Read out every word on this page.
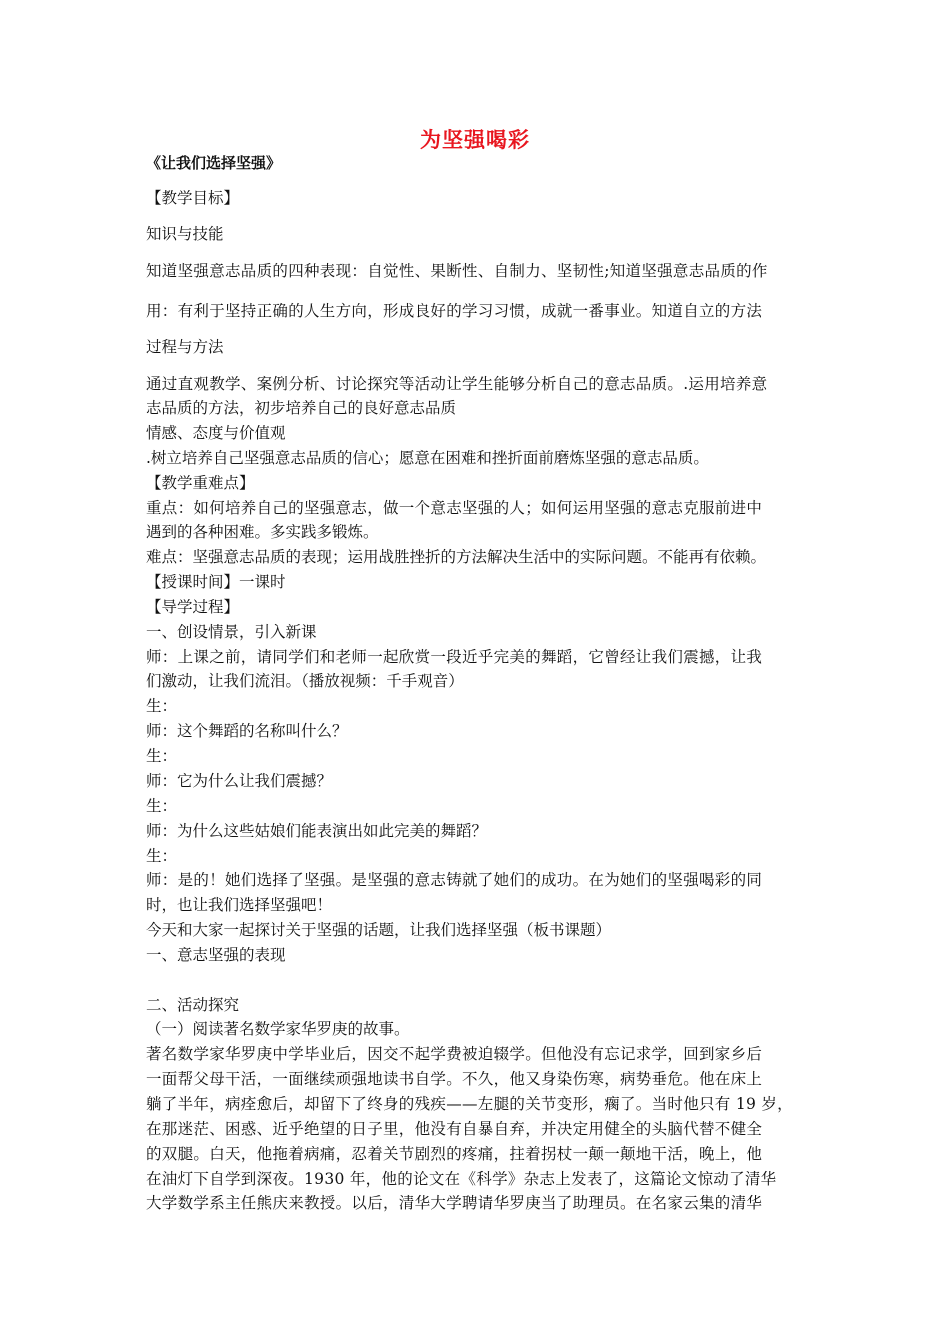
为坚强喝彩
《让我们选择坚强》
【教学目标】
知识与技能
知道坚强意志品质的四种表现：自觉性、果断性、自制力、坚韧性;知道坚强意志品质的作
用：有利于坚持正确的人生方向，形成良好的学习习惯，成就一番事业。知道自立的方法
过程与方法
通过直观教学、案例分析、讨论探究等活动让学生能够分析自己的意志品质。.运用培养意
志品质的方法，初步培养自己的良好意志品质
情感、态度与价值观
.树立培养自己坚强意志品质的信心；愿意在困难和挫折面前磨炼坚强的意志品质。
【教学重难点】
重点：如何培养自己的坚强意志，做一个意志坚强的人；如何运用坚强的意志克服前进中
遇到的各种困难。多实践多锻炼。
难点：坚强意志品质的表现；运用战胜挫折的方法解决生活中的实际问题。不能再有依赖。
【授课时间】一课时
【导学过程】
一、创设情景，引入新课
师：上课之前，请同学们和老师一起欣赏一段近乎完美的舞蹈，它曾经让我们震撼，让我
们激动，让我们流泪。（播放视频：千手观音）
生：
师：这个舞蹈的名称叫什么？
生：
师：它为什么让我们震撼？
生：
师：为什么这些姑娘们能表演出如此完美的舞蹈？
生：
师：是的！她们选择了坚强。是坚强的意志铸就了她们的成功。在为她们的坚强喝彩的同
时，也让我们选择坚强吧！
今天和大家一起探讨关于坚强的话题，让我们选择坚强（板书课题）
一、意志坚强的表现
二、活动探究
（一）阅读著名数学家华罗庚的故事。
著名数学家华罗庚中学毕业后，因交不起学费被迫辍学。但他没有忘记求学，回到家乡后
一面帮父母干活，一面继续顽强地读书自学。不久，他又身染伤寒，病势垂危。他在床上
躺了半年，病痊愈后，却留下了终身的残疾——左腿的关节变形，瘸了。当时他只有 19 岁，
在那迷茫、困惑、近乎绝望的日子里，他没有自暴自弃，并决定用健全的头脑代替不健全
的双腿。白天，他拖着病痛，忍着关节剧烈的疼痛，拄着拐杖一颠一颠地干活，晚上，他
在油灯下自学到深夜。1930 年，他的论文在《科学》杂志上发表了，这篇论文惊动了清华
大学数学系主任熊庆来教授。以后，清华大学聘请华罗庚当了助理员。在名家云集的清华
